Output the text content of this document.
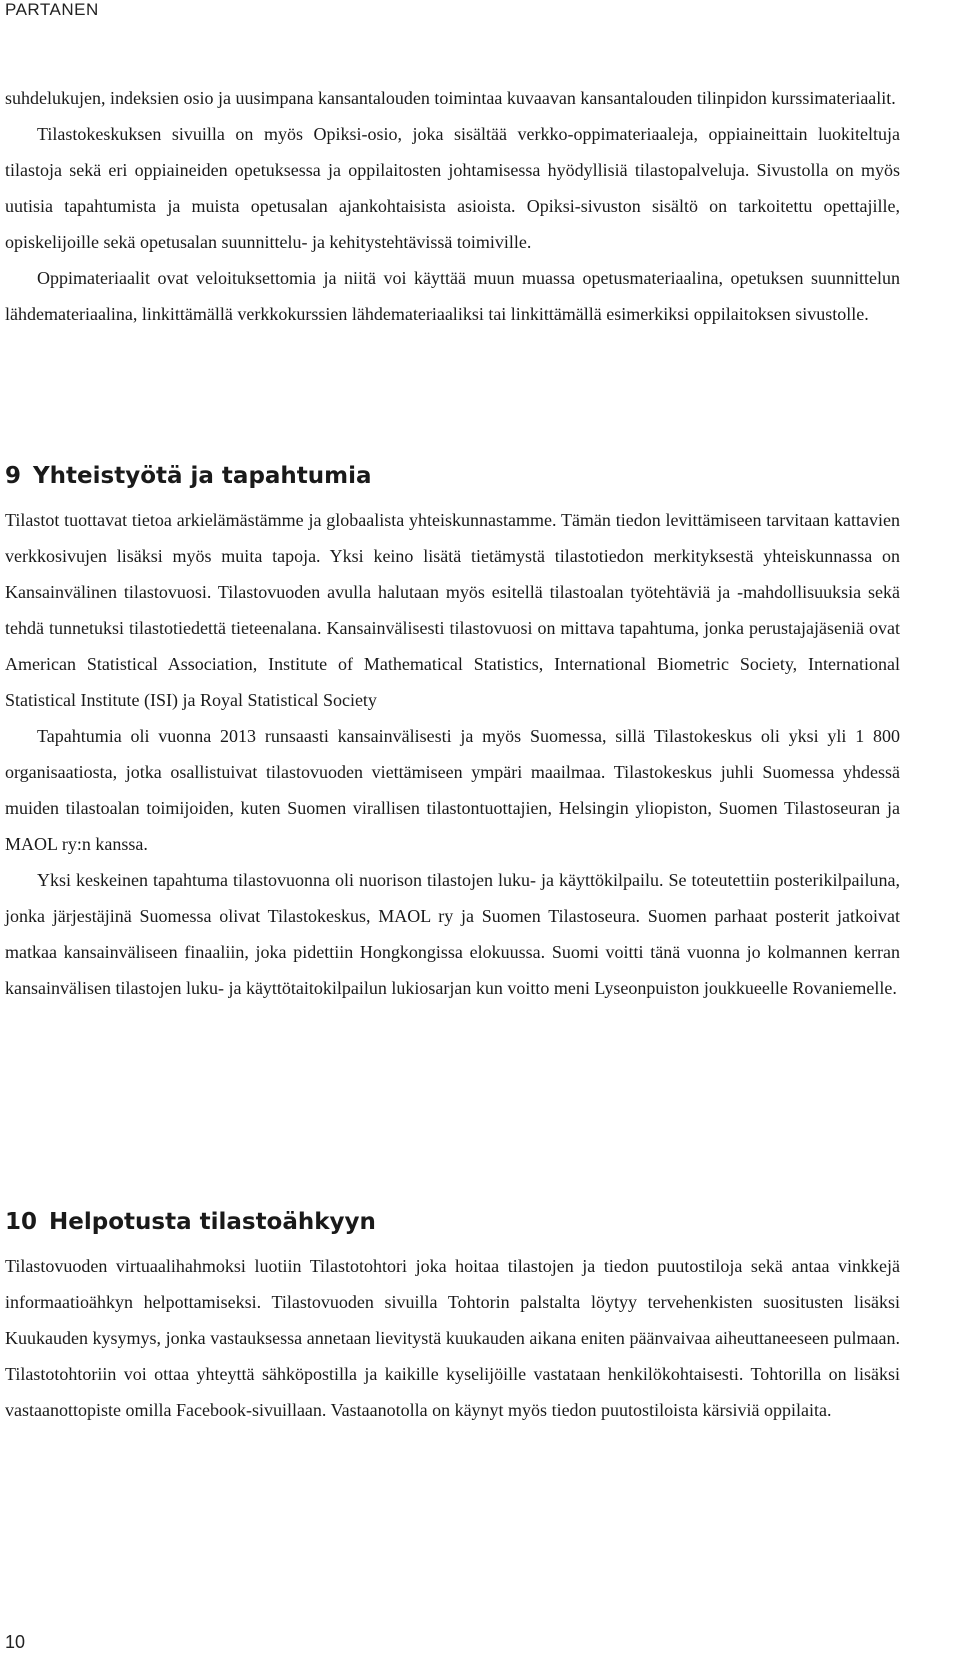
PARTANEN

suhdelukujen, indeksien osio ja uusimpana kansantalouden toimintaa kuvaavan kansantalouden tilinpidon kurssimateriaalit.

Tilastokeskuksen sivuilla on myös Opiksi-osio, joka sisältää verkko-oppimateriaaleja, oppiaineittain luokiteltuja tilastoja sekä eri oppiaineiden opetuksessa ja oppilaitosten johtamisessa hyödyllisiä tilastopalveluja. Sivustolla on myös uutisia tapahtumista ja muista opetusalan ajankohtaisista asioista. Opiksi-sivuston sisältö on tarkoitettu opettajille, opiskelijoille sekä opetusalan suunnittelu- ja kehitystehtävissä toimiville.

Oppimateriaalit ovat veloituksettomia ja niitä voi käyttää muun muassa opetusmateriaalina, opetuksen suunnittelun lähdemateriaalina, linkittämällä verkkokurssien lähdemateriaaliksi tai linkittämällä esimerkiksi oppilaitoksen sivustolle.

9 Yhteistyötä ja tapahtumia

Tilastot tuottavat tietoa arkielämästämme ja globaalista yhteiskunnastamme. Tämän tiedon levittämiseen tarvitaan kattavien verkkosivujen lisäksi myös muita tapoja. Yksi keino lisätä tietämystä tilastotiedon merkityksestä yhteiskunnassa on Kansainvälinen tilastovuosi. Tilastovuoden avulla halutaan myös esitellä tilastoalan työtehtäviä ja -mahdollisuuksia sekä tehdä tunnetuksi tilastotiedettä tieteenalana. Kansainvälisesti tilastovuosi on mittava tapahtuma, jonka perustajajäseniä ovat American Statistical Association, Institute of Mathematical Statistics, International Biometric Society, International Statistical Institute (ISI) ja Royal Statistical Society

Tapahtumia oli vuonna 2013 runsaasti kansainvälisesti ja myös Suomessa, sillä Tilastokeskus oli yksi yli 1 800 organisaatiosta, jotka osallistuivat tilastovuoden viettämiseen ympäri maailmaa. Tilastokeskus juhli Suomessa yhdessä muiden tilastoalan toimijoiden, kuten Suomen virallisen tilastontuottajien, Helsingin yliopiston, Suomen Tilastoseuran ja MAOL ry:n kanssa.

Yksi keskeinen tapahtuma tilastovuonna oli nuorison tilastojen luku- ja käyttökilpailu. Se toteutettiin posterikilpailuna, jonka järjestäjinä Suomessa olivat Tilastokeskus, MAOL ry ja Suomen Tilastoseura. Suomen parhaat posterit jatkoivat matkaa kansainväliseen finaaliin, joka pidettiin Hongkongissa elokuussa. Suomi voitti tänä vuonna jo kolmannen kerran kansainvälisen tilastojen luku- ja käyttötaitokilpailun lukiosarjan kun voitto meni Lyseonpuiston joukkueelle Rovaniemelle.

10 Helpotusta tilastoähkyyn

Tilastovuoden virtuaalihahmoksi luotiin Tilastotohtori joka hoitaa tilastojen ja tiedon puutostiloja sekä antaa vinkkejä informaatioähkyn helpottamiseksi. Tilastovuoden sivuilla Tohtorin palstalta löytyy tervehenkisten suositusten lisäksi Kuukauden kysymys, jonka vastauksessa annetaan lievitystä kuukauden aikana eniten päänvaivaa aiheuttaneeseen pulmaan. Tilastotohtoriin voi ottaa yhteyttä sähköpostilla ja kaikille kyselijöille vastataan henkilökohtaisesti. Tohtorilla on lisäksi vastaanottopiste omilla Facebook-sivuillaan. Vastaanotolla on käynyt myös tiedon puutostiloista kärsiviä oppilaita.

10
